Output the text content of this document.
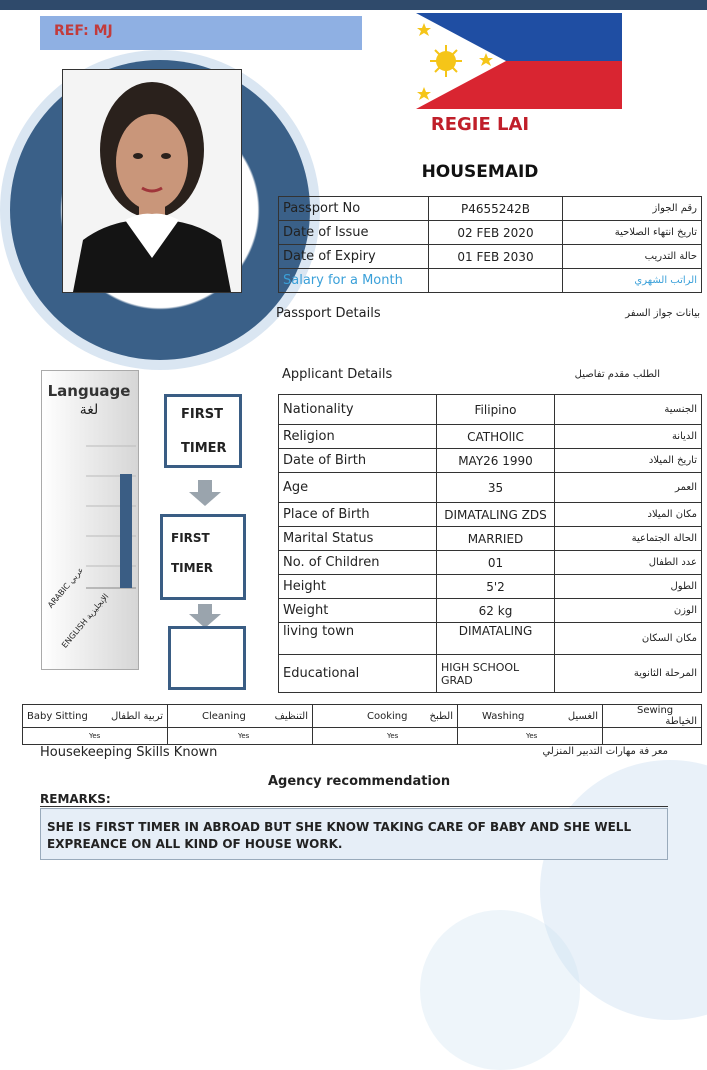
REF: MJ
REGIE LAI
HOUSEMAID
Passport No	P4655242B	رقم الجواز
Date of Issue	02 FEB 2020	تاريخ انتهاء الصلاحية
Date of Expiry	01 FEB 2030	حالة التدريب
Salary for a Month		الراتب الشهري
Passport Details	بيانات جواز السفر
Applicant Details	الطلب مقدم تفاصيل
Nationality	Filipino	الجنسية
Religion	CATHOlIC	الديانة
Date of Birth	MAY26 1990	تاريخ الميلاد
Age	35	العمر
Place of Birth	DIMATALING ZDS	مكان الميلاد
Marital Status	MARRIED	الحالة الجتماعية
No. of Children	01	عدد الطفال
Height	5'2	الطول
Weight	62 kg	الوزن
living town	DIMATALING	مكان السكان
Educational	HIGH SCHOOL GRAD	المرحلة الثانوية
Language
لغة
ARABIC عربي
ENGLISH الإنجليزية
FIRST
TIMER
FIRST
TIMER
Baby Sitting تربية الطفال	Cleaning التنظيف	Cooking الطبخ	Washing الغسيل	Sewing
الخياطة

Yes	Yes	Yes	Yes	
Housekeeping Skills Known	معر فة مهارات التدبير المنزلي
Agency recommendation
REMARKS:
SHE IS FIRST TIMER IN ABROAD BUT SHE KNOW TAKING CARE OF BABY AND SHE WELL EXPREANCE ON ALL KIND OF HOUSE WORK.
